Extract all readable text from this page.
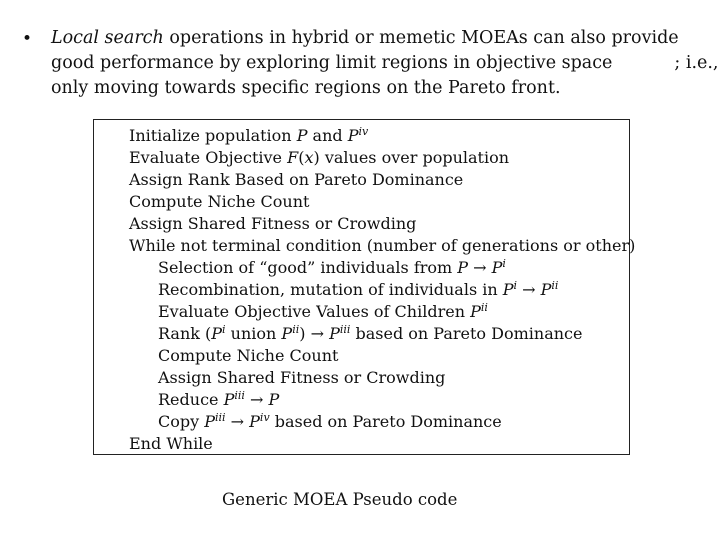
• Local search operations in hybrid or memetic MOEAs can also provide
good performance by exploring limit regions in objective space	; i.e.,
only moving towards specific regions on the Pareto front.
Initialize population P and $P^{iv}$
Evaluate Objective F(x) values over population
Assign Rank Based on Pareto Dominance
Compute Niche Count
Assign Shared Fitness or Crowding
While not terminal condition (number of generations or other)
Selection of “good” individuals from $P \to P^i$
Recombination, mutation of individuals in $P^i \to P^{ii}$
Evaluate Objective Values of Children $P^{ii}$
Rank ($P^i$ union $P^{ii}) \to P^{iii}$ based on Pareto Dominance
Compute Niche Count
Assign Shared Fitness or Crowding
Reduce $P^{iii} \to P$
Copy $P^{iii} \to P^{iv}$ based on Pareto Dominance
End While
Generic MOEA Pseudo code
